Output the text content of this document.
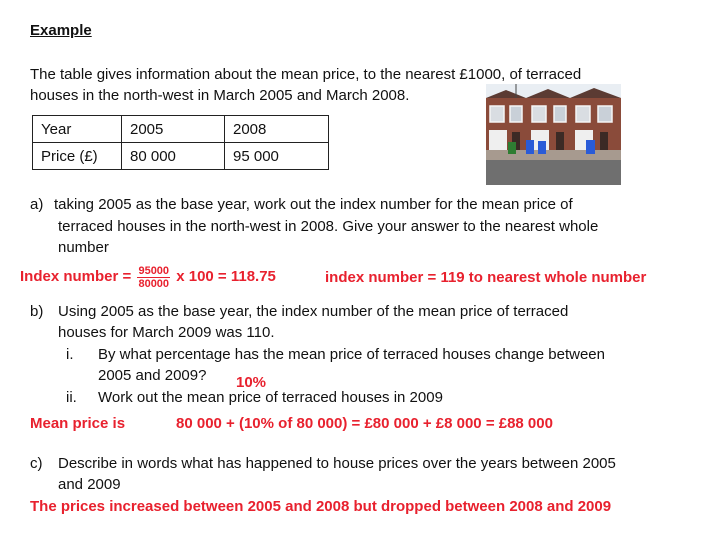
Example
The table gives information about the mean price, to the nearest £1000, of terraced
houses in the north-west in March 2005 and March 2008.
Year	2005	2008
Price (£)	80 000	95 000
a) taking 2005 as the base year, work out the index number for the mean price of
terraced houses in the north-west in 2008. Give your answer to the nearest whole
number
Index number = $\frac{95000}{80000}$ x 100 = 118.75	index number = 119 to nearest whole number
b) Using 2005 as the base year, the index number of the mean price of terraced
houses for March 2009 was 110.
i. By what percentage has the mean price of terraced houses change between
2005 and 2009? 10%
ii. Work out the mean price of terraced houses in 2009
Mean price is	80 000 + (10% of 80 000) = £80 000 + £8 000 = £88 000
c) Describe in words what has happened to house prices over the years between 2005
and 2009
The prices increased between 2005 and 2008 but dropped between 2008 and 2009
